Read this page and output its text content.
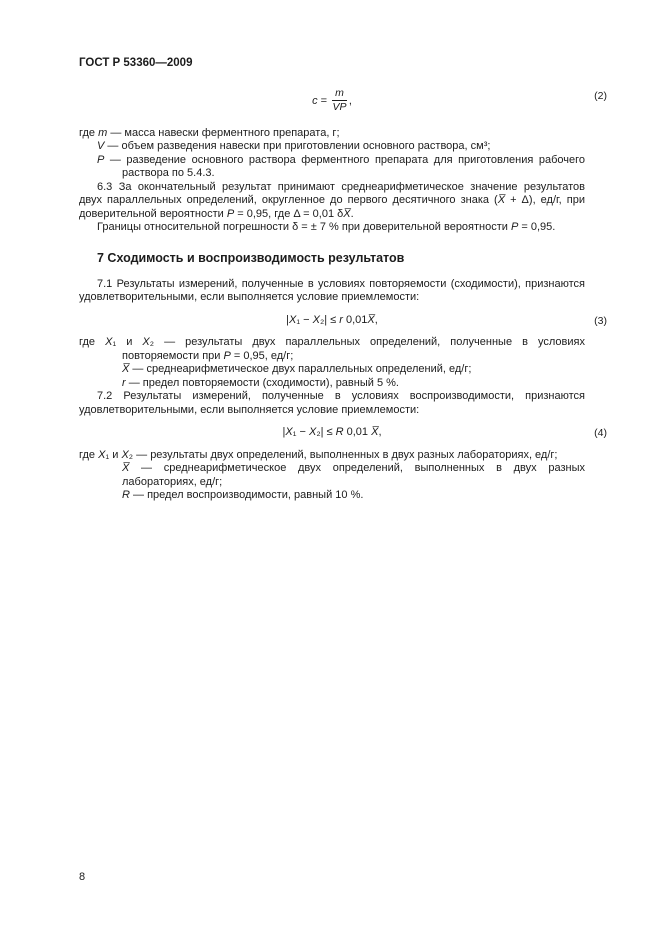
ГОСТ Р 53360—2009
$c = \frac{m}{VP}$ ,	(2)

где m — масса навески ферментного препарата, г;

V — объем разведения навески при приготовлении основного раствора, см³;

P — разведение основного раствора ферментного препарата для приготовления рабочего раствора по 5.4.3.

6.3 За окончательный результат принимают среднеарифметическое значение результатов двух параллельных определений, округленное до первого десятичного знака (X̅ + Δ), ед/г, при доверительной вероятности P = 0,95, где Δ = 0,01 δX̅.

Границы относительной погрешности δ = ± 7 % при доверительной вероятности P = 0,95.

7 Сходимость и воспроизводимость результатов

7.1 Результаты измерений, полученные в условиях повторяемости (сходимости), признаются удовлетворительными, если выполняется условие приемлемости:

|X₁ − X₂| ≤ r 0,01X̅,	(3)

где X₁ и X₂ — результаты двух параллельных определений, полученные в условиях повторяемости при P = 0,95, ед/г;

X̅ — среднеарифметическое двух параллельных определений, ед/г;

r — предел повторяемости (сходимости), равный 5 %.

7.2 Результаты измерений, полученные в условиях воспроизводимости, признаются удовлетворительными, если выполняется условие приемлемости:

|X₁ − X₂| ≤ R 0,01 X̅,	(4)

где X₁ и X₂ — результаты двух определений, выполненных в двух разных лабораториях, ед/г;

X̅ — среднеарифметическое двух определений, выполненных в двух разных лабораториях, ед/г;

R — предел воспроизводимости, равный 10 %.

8
